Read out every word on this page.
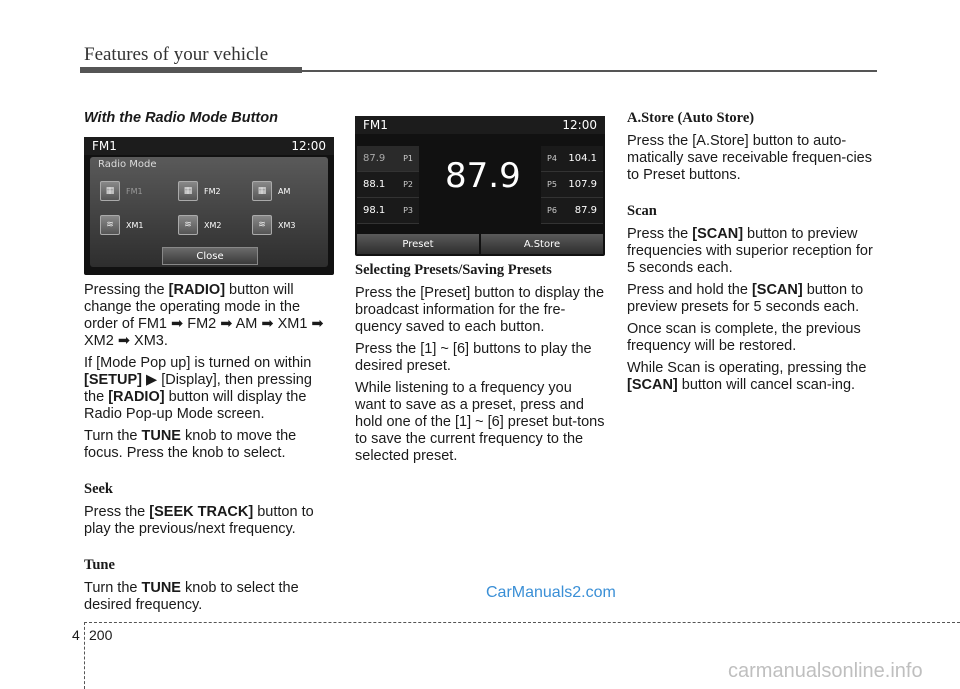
Features of your vehicle
With the Radio Mode Button

Pressing the [RADIO] button will change the operating mode in the order of FM1 ➡ FM2 ➡ AM ➡ XM1 ➡ XM2 ➡ XM3.

If [Mode Pop up] is turned on within [SETUP] ▶ [Display], then pressing the [RADIO] button will display the Radio Pop-up Mode screen.

Turn the TUNE knob to move the focus. Press the knob to select.

Seek

Press the [SEEK TRACK] button to play the previous/next frequency.

Tune

Turn the TUNE knob to select the desired frequency.

FM1	12:00
Radio Mode
▦	FM1	▦	FM2	▦	AM
≋	XM1	≋	XM2	≋	XM3
Close
FM1	12:00
87.9 P1
88.1 P2
98.1 P3
87.9	P4 104.1
P5 107.9
P6 87.9
Preset	A.Store
Selecting Presets/Saving Presets

Press the [Preset] button to display the broadcast information for the fre-quency saved to each button.

Press the [1] ~ [6] buttons to play the desired preset.

While listening to a frequency you want to save as a preset, press and hold one of the [1] ~ [6] preset but-tons to save the current frequency to the selected preset.

A.Store (Auto Store)

Press the [A.Store] button to auto-matically save receivable frequen-cies to Preset buttons.

Scan

Press the [SCAN] button to preview frequencies with superior reception for 5 seconds each.

Press and hold the [SCAN] button to preview presets for 5 seconds each.

Once scan is complete, the previous frequency will be restored.

While Scan is operating, pressing the [SCAN] button will cancel scan-ing.

CarManuals2.com
4 200
carmanualsonline.info
